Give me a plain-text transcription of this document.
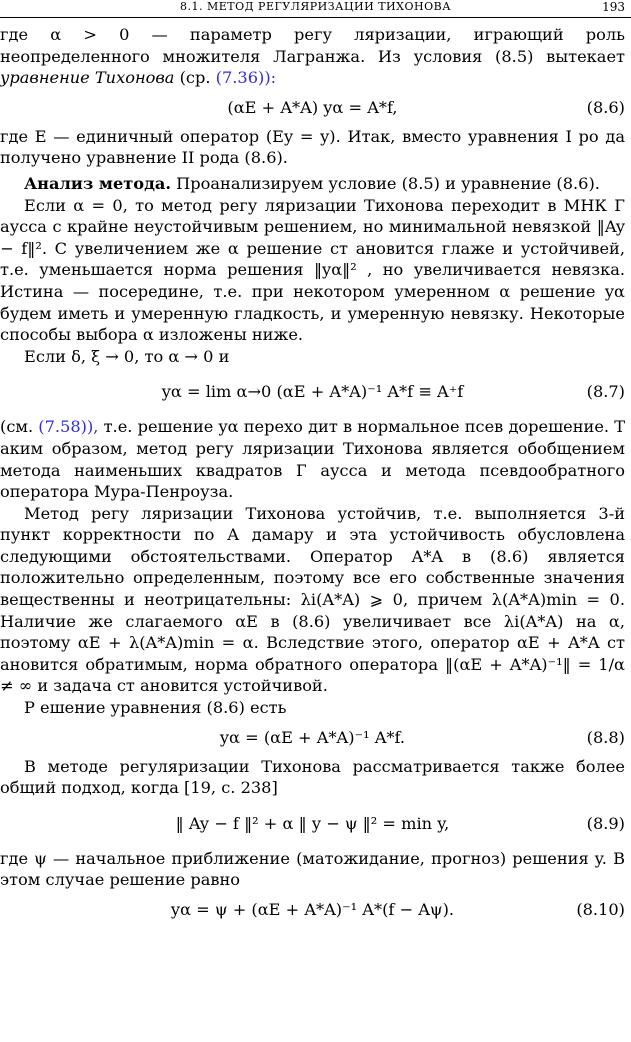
8.1. МЕТОД РЕГУЛЯРИЗАЦИИ ТИХОНОВА	193

где α > 0 — параметр регу ляризации, играющий роль неопределенного множителя Лагранжа. Из условия (8.5) вытекает уравнение Тихонова (ср. (7.36)):

(αE + A*A) yα = A*f,	(8.6)

где E — единичный оператор (Ey = y). Итак, вместо уравнения I ро да получено уравнение II рода (8.6).

Анализ метода. Проанализируем условие (8.5) и уравнение (8.6).

Если α = 0, то метод регу ляризации Тихонова переходит в МНК Г аусса с крайне неустойчивым решением, но минимальной невязкой ‖Ay − f‖². С увеличением же α решение ст ановится глаже и устойчивей, т.е. уменьшается норма решения ‖yα‖² , но увеличивается невязка. Истина — посередине, т.е. при некотором умеренном α решение yα будем иметь и умеренную гладкость, и умеренную невязку. Некоторые способы выбора α изложены ниже.

Если δ, ξ → 0, то α → 0 и

yα = lim α→0 (αE + A*A)⁻¹ A*f ≡ A⁺f	(8.7)

(см. (7.58)), т.е. решение yα перехо дит в нормальное псев дорешение. Т аким образом, метод регу ляризации Тихонова является обобщением метода наименьших квадратов Г аусса и метода псевдообратного оператора Мура-Пенроуза.

Метод регу ляризации Тихонова устойчив, т.е. выполняется 3-й пункт корректности по А дамару и эта устойчивость обусловлена следующими обстоятельствами. Оператор A*A в (8.6) является положительно определенным, поэтому все его собственные значения вещественны и неотрицательны: λi(A*A) ⩾ 0, причем λ(A*A)min = 0. Наличие же слагаемого αE в (8.6) увеличивает все λi(A*A) на α, поэтому αE + λ(A*A)min = α. Вследствие этого, оператор αE + A*A ст ановится обратимым, норма обратного оператора ‖(αE + A*A)⁻¹‖ = 1/α ≠ ∞ и задача ст ановится устойчивой.

Р ешение уравнения (8.6) есть

yα = (αE + A*A)⁻¹ A*f.	(8.8)

В методе регуляризации Тихонова рассматривается также более общий подход, когда [19, с. 238]

‖ Ay − f ‖² + α ‖ y − ψ ‖² = min y,	(8.9)

где ψ — начальное приближение (матожидание, прогноз) решения y. В этом случае решение равно

yα = ψ + (αE + A*A)⁻¹ A*(f − Aψ).	(8.10)
